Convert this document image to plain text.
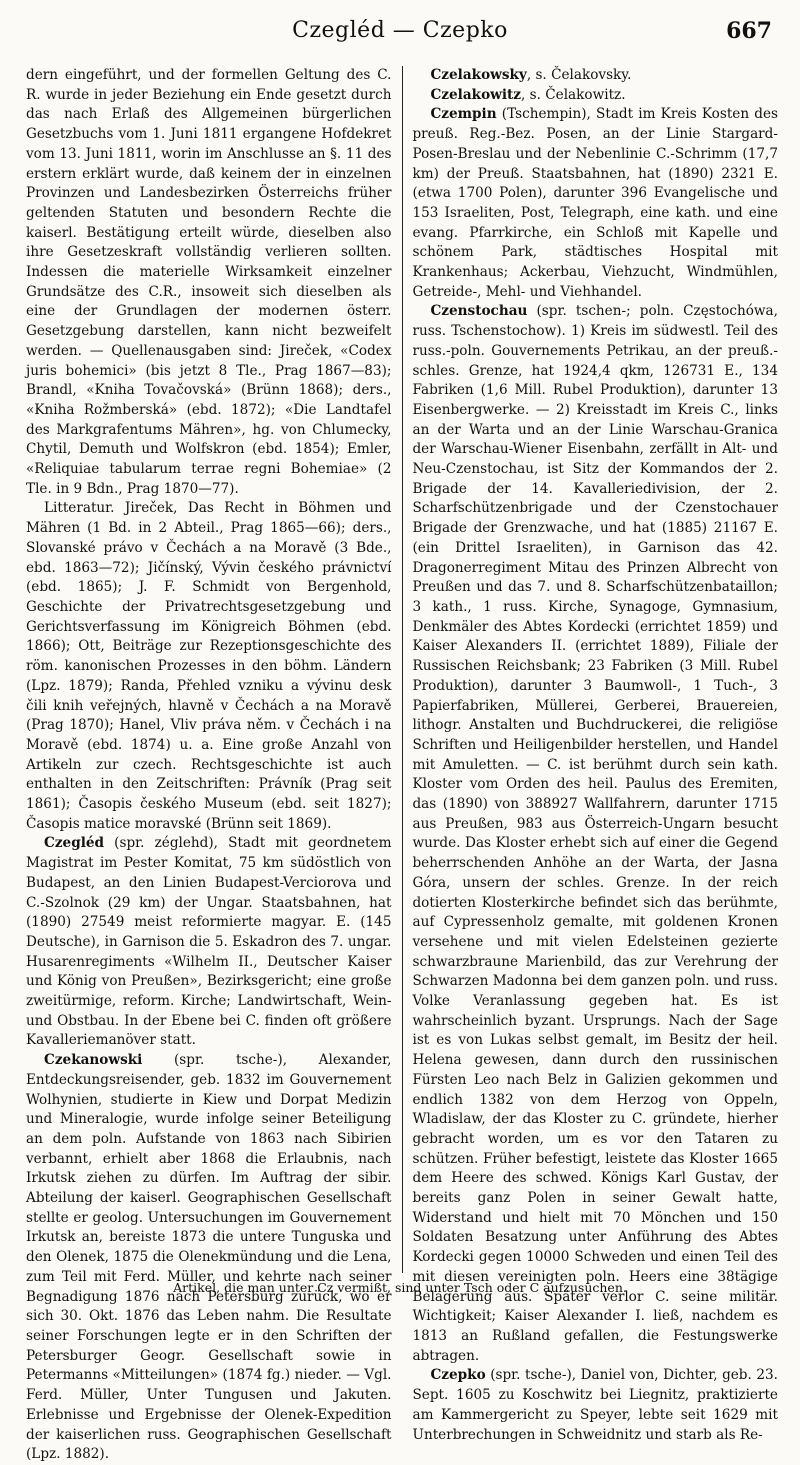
Czegléd — Czepko	667

dern eingeführt, und der formellen Geltung des C. R. wurde in jeder Beziehung ein Ende gesetzt durch das nach Erlaß des Allgemeinen bürgerlichen Gesetzbuchs vom 1. Juni 1811 ergangene Hofdekret vom 13. Juni 1811, worin im Anschlusse an §. 11 des erstern erklärt wurde, daß keinem der in einzelnen Provinzen und Landesbezirken Österreichs früher geltenden Statuten und besondern Rechte die kaiserl. Bestätigung erteilt würde, dieselben also ihre Gesetzeskraft vollständig verlieren sollten. Indessen die materielle Wirksamkeit einzelner Grundsätze des C.R., insoweit sich dieselben als eine der Grundlagen der modernen österr. Gesetzgebung darstellen, kann nicht bezweifelt werden. — Quellenausgaben sind: Jireček, «Codex juris bohemici» (bis jetzt 8 Tle., Prag 1867—83); Brandl, «Kniha Tovačovská» (Brünn 1868); ders., «Kniha Rožmberská» (ebd. 1872); «Die Landtafel des Markgrafentums Mähren», hg. von Chlumecky, Chytil, Demuth und Wolfskron (ebd. 1854); Emler, «Reliquiae tabularum terrae regni Bohemiae» (2 Tle. in 9 Bdn., Prag 1870—77).

Litteratur. Jireček, Das Recht in Böhmen und Mähren (1 Bd. in 2 Abteil., Prag 1865—66); ders., Slovanské právo v Čechách a na Moravě (3 Bde., ebd. 1863—72); Jičínský, Vývin českého právnictví (ebd. 1865); J. F. Schmidt von Bergenhold, Geschichte der Privatrechtsgesetzgebung und Gerichtsverfassung im Königreich Böhmen (ebd. 1866); Ott, Beiträge zur Rezeptionsgeschichte des röm. kanonischen Prozesses in den böhm. Ländern (Lpz. 1879); Randa, Přehled vzniku a vývinu desk čili knih veřejných, hlavně v Čechách a na Moravě (Prag 1870); Hanel, Vliv práva něm. v Čechách i na Moravě (ebd. 1874) u. a. Eine große Anzahl von Artikeln zur czech. Rechtsgeschichte ist auch enthalten in den Zeitschriften: Právník (Prag seit 1861); Časopis českého Museum (ebd. seit 1827); Časopis matice moravské (Brünn seit 1869).

Czegléd (spr. zéglehd), Stadt mit geordnetem Magistrat im Pester Komitat, 75 km südöstlich von Budapest, an den Linien Budapest-Verciorova und C.-Szolnok (29 km) der Ungar. Staatsbahnen, hat (1890) 27549 meist reformierte magyar. E. (145 Deutsche), in Garnison die 5. Eskadron des 7. ungar. Husarenregiments «Wilhelm II., Deutscher Kaiser und König von Preußen», Bezirksgericht; eine große zweitürmige, reform. Kirche; Landwirtschaft, Wein- und Obstbau. In der Ebene bei C. finden oft größere Kavalleriemanöver statt.

Czekanowski (spr. tsche-), Alexander, Entdeckungsreisender, geb. 1832 im Gouvernement Wolhynien, studierte in Kiew und Dorpat Medizin und Mineralogie, wurde infolge seiner Beteiligung an dem poln. Aufstande von 1863 nach Sibirien verbannt, erhielt aber 1868 die Erlaubnis, nach Irkutsk ziehen zu dürfen. Im Auftrag der sibir. Abteilung der kaiserl. Geographischen Gesellschaft stellte er geolog. Untersuchungen im Gouvernement Irkutsk an, bereiste 1873 die untere Tunguska und den Olenek, 1875 die Olenekmündung und die Lena, zum Teil mit Ferd. Müller, und kehrte nach seiner Begnadigung 1876 nach Petersburg zurück, wo er sich 30. Okt. 1876 das Leben nahm. Die Resultate seiner Forschungen legte er in den Schriften der Petersburger Geogr. Gesellschaft sowie in Petermanns «Mitteilungen» (1874 fg.) nieder. — Vgl. Ferd. Müller, Unter Tungusen und Jakuten. Erlebnisse und Ergebnisse der Olenek-Expedition der kaiserlichen russ. Geographischen Gesellschaft (Lpz. 1882).

Czelakowsky, s. Čelakovsky.

Czelakowitz, s. Čelakowitz.

Czempin (Tschempin), Stadt im Kreis Kosten des preuß. Reg.-Bez. Posen, an der Linie Stargard-Posen-Breslau und der Nebenlinie C.-Schrimm (17,7 km) der Preuß. Staatsbahnen, hat (1890) 2321 E. (etwa 1700 Polen), darunter 396 Evangelische und 153 Israeliten, Post, Telegraph, eine kath. und eine evang. Pfarrkirche, ein Schloß mit Kapelle und schönem Park, städtisches Hospital mit Krankenhaus; Ackerbau, Viehzucht, Windmühlen, Getreide-, Mehl- und Viehhandel.

Czenstochau (spr. tschen-; poln. Częstochówa, russ. Tschenstochow). 1) Kreis im südwestl. Teil des russ.-poln. Gouvernements Petrikau, an der preuß.-schles. Grenze, hat 1924,4 qkm, 126731 E., 134 Fabriken (1,6 Mill. Rubel Produktion), darunter 13 Eisenbergwerke. — 2) Kreisstadt im Kreis C., links an der Warta und an der Linie Warschau-Granica der Warschau-Wiener Eisenbahn, zerfällt in Alt- und Neu-Czenstochau, ist Sitz der Kommandos der 2. Brigade der 14. Kavalleriedivision, der 2. Scharfschützenbrigade und der Czenstochauer Brigade der Grenzwache, und hat (1885) 21167 E. (ein Drittel Israeliten), in Garnison das 42. Dragonerregiment Mitau des Prinzen Albrecht von Preußen und das 7. und 8. Scharfschützenbataillon; 3 kath., 1 russ. Kirche, Synagoge, Gymnasium, Denkmäler des Abtes Kordecki (errichtet 1859) und Kaiser Alexanders II. (errichtet 1889), Filiale der Russischen Reichsbank; 23 Fabriken (3 Mill. Rubel Produktion), darunter 3 Baumwoll-, 1 Tuch-, 3 Papierfabriken, Müllerei, Gerberei, Brauereien, lithogr. Anstalten und Buchdruckerei, die religiöse Schriften und Heiligenbilder herstellen, und Handel mit Amuletten. — C. ist berühmt durch sein kath. Kloster vom Orden des heil. Paulus des Eremiten, das (1890) von 388927 Wallfahrern, darunter 1715 aus Preußen, 983 aus Österreich-Ungarn besucht wurde. Das Kloster erhebt sich auf einer die Gegend beherrschenden Anhöhe an der Warta, der Jasna Góra, unsern der schles. Grenze. In der reich dotierten Klosterkirche befindet sich das berühmte, auf Cypressenholz gemalte, mit goldenen Kronen versehene und mit vielen Edelsteinen gezierte schwarzbraune Marienbild, das zur Verehrung der Schwarzen Madonna bei dem ganzen poln. und russ. Volke Veranlassung gegeben hat. Es ist wahrscheinlich byzant. Ursprungs. Nach der Sage ist es von Lukas selbst gemalt, im Besitz der heil. Helena gewesen, dann durch den russinischen Fürsten Leo nach Belz in Galizien gekommen und endlich 1382 von dem Herzog von Oppeln, Wladislaw, der das Kloster zu C. gründete, hierher gebracht worden, um es vor den Tataren zu schützen. Früher befestigt, leistete das Kloster 1665 dem Heere des schwed. Königs Karl Gustav, der bereits ganz Polen in seiner Gewalt hatte, Widerstand und hielt mit 70 Mönchen und 150 Soldaten Besatzung unter Anführung des Abtes Kordecki gegen 10000 Schweden und einen Teil des mit diesen vereinigten poln. Heers eine 38tägige Belagerung aus. Später verlor C. seine militär. Wichtigkeit; Kaiser Alexander I. ließ, nachdem es 1813 an Rußland gefallen, die Festungswerke abtragen.

Czepko (spr. tsche-), Daniel von, Dichter, geb. 23. Sept. 1605 zu Koschwitz bei Liegnitz, praktizierte am Kammergericht zu Speyer, lebte seit 1629 mit Unterbrechungen in Schweidnitz und starb als Re-

Artikel, die man unter Cz vermißt, sind unter Tsch oder C aufzusuchen.
